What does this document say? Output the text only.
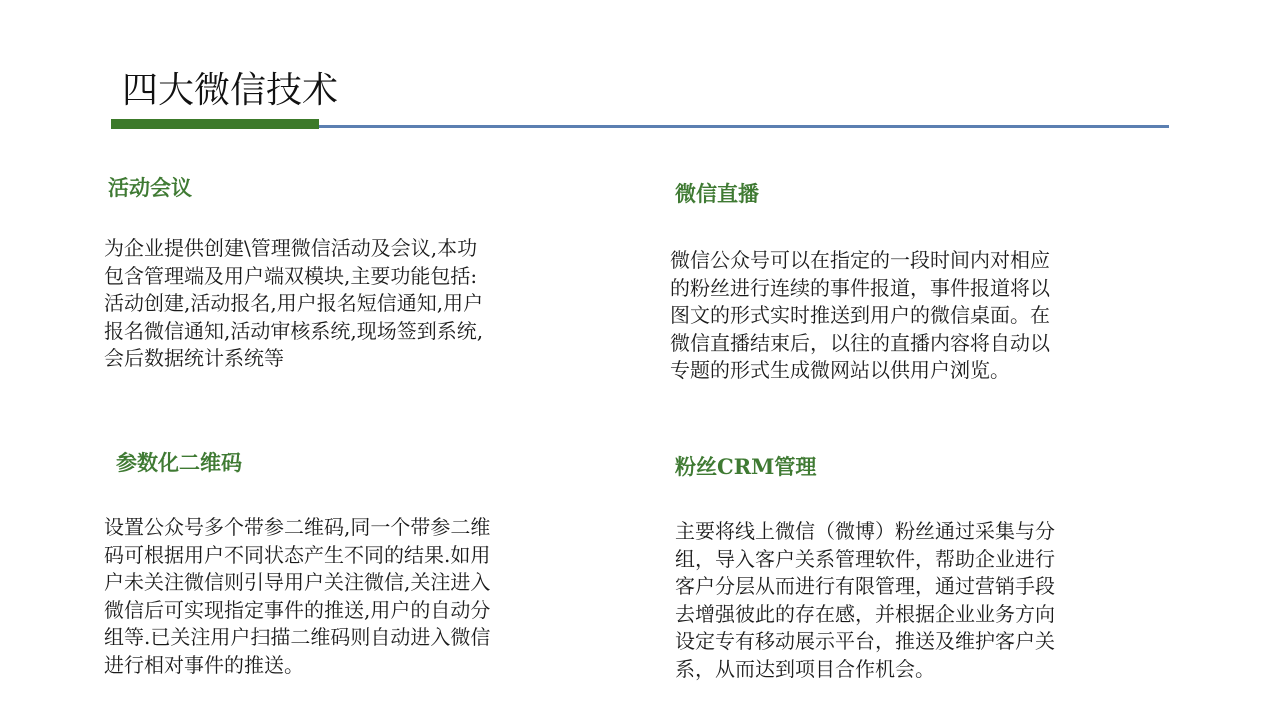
四大微信技术
活动会议

为企业提供创建\管理微信活动及会议,本功
包含管理端及用户端双模块,主要功能包括:
活动创建,活动报名,用户报名短信通知,用户
报名微信通知,活动审核系统,现场签到系统,
会后数据统计系统等

微信直播

微信公众号可以在指定的一段时间内对相应
的粉丝进行连续的事件报道，事件报道将以
图文的形式实时推送到用户的微信桌面。在
微信直播结束后，以往的直播内容将自动以
专题的形式生成微网站以供用户浏览。

参数化二维码

设置公众号多个带参二维码,同一个带参二维
码可根据用户不同状态产生不同的结果.如用
户未关注微信则引导用户关注微信,关注进入
微信后可实现指定事件的推送,用户的自动分
组等.已关注用户扫描二维码则自动进入微信
进行相对事件的推送。

粉丝CRM管理

主要将线上微信（微博）粉丝通过采集与分
组，导入客户关系管理软件，帮助企业进行
客户分层从而进行有限管理，通过营销手段
去增强彼此的存在感，并根据企业业务方向
设定专有移动展示平台，推送及维护客户关
系，从而达到项目合作机会。
